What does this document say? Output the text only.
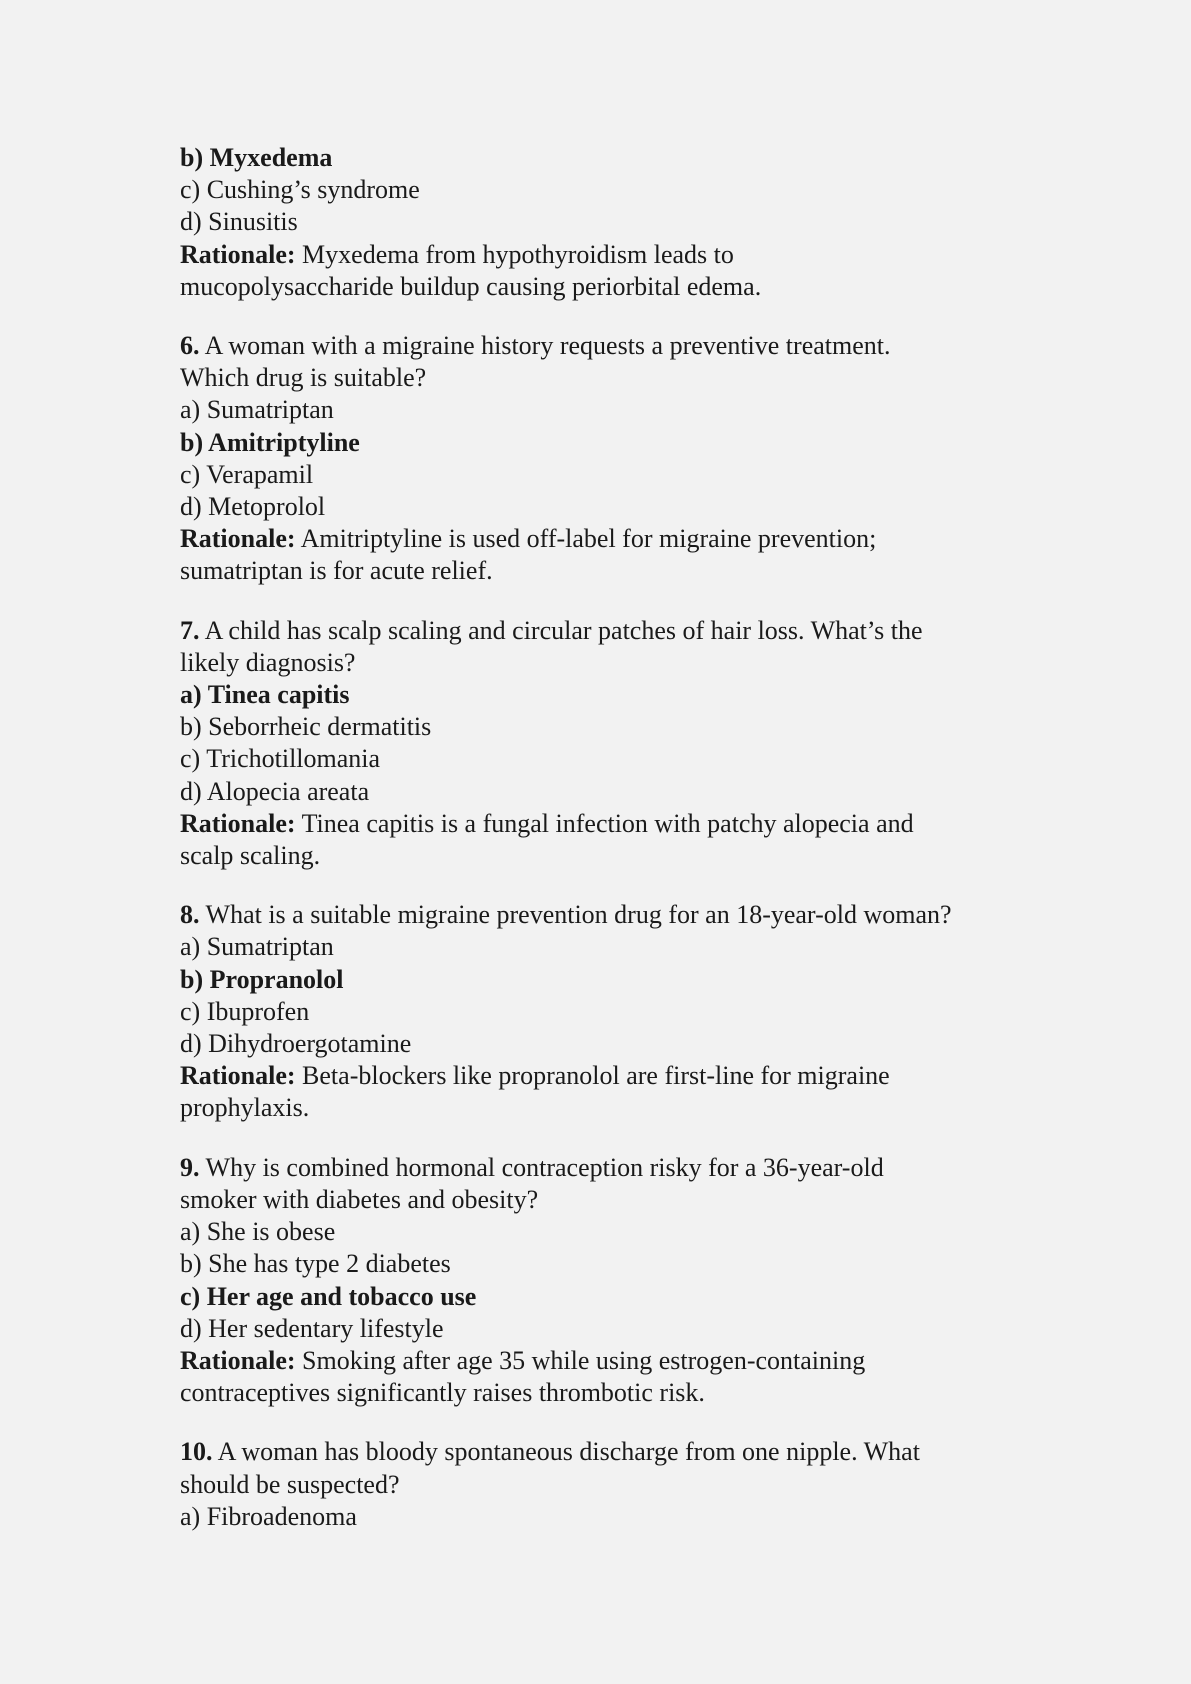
b) Myxedema

c) Cushing’s syndrome

d) Sinusitis

Rationale: Myxedema from hypothyroidism leads to

mucopolysaccharide buildup causing periorbital edema.

6. A woman with a migraine history requests a preventive treatment.

Which drug is suitable?

a) Sumatriptan

b) Amitriptyline

c) Verapamil

d) Metoprolol

Rationale: Amitriptyline is used off-label for migraine prevention;

sumatriptan is for acute relief.

7. A child has scalp scaling and circular patches of hair loss. What’s the

likely diagnosis?

a) Tinea capitis

b) Seborrheic dermatitis

c) Trichotillomania

d) Alopecia areata

Rationale: Tinea capitis is a fungal infection with patchy alopecia and

scalp scaling.

8. What is a suitable migraine prevention drug for an 18-year-old woman?

a) Sumatriptan

b) Propranolol

c) Ibuprofen

d) Dihydroergotamine

Rationale: Beta-blockers like propranolol are first-line for migraine

prophylaxis.

9. Why is combined hormonal contraception risky for a 36-year-old

smoker with diabetes and obesity?

a) She is obese

b) She has type 2 diabetes

c) Her age and tobacco use

d) Her sedentary lifestyle

Rationale: Smoking after age 35 while using estrogen-containing

contraceptives significantly raises thrombotic risk.

10. A woman has bloody spontaneous discharge from one nipple. What

should be suspected?

a) Fibroadenoma
